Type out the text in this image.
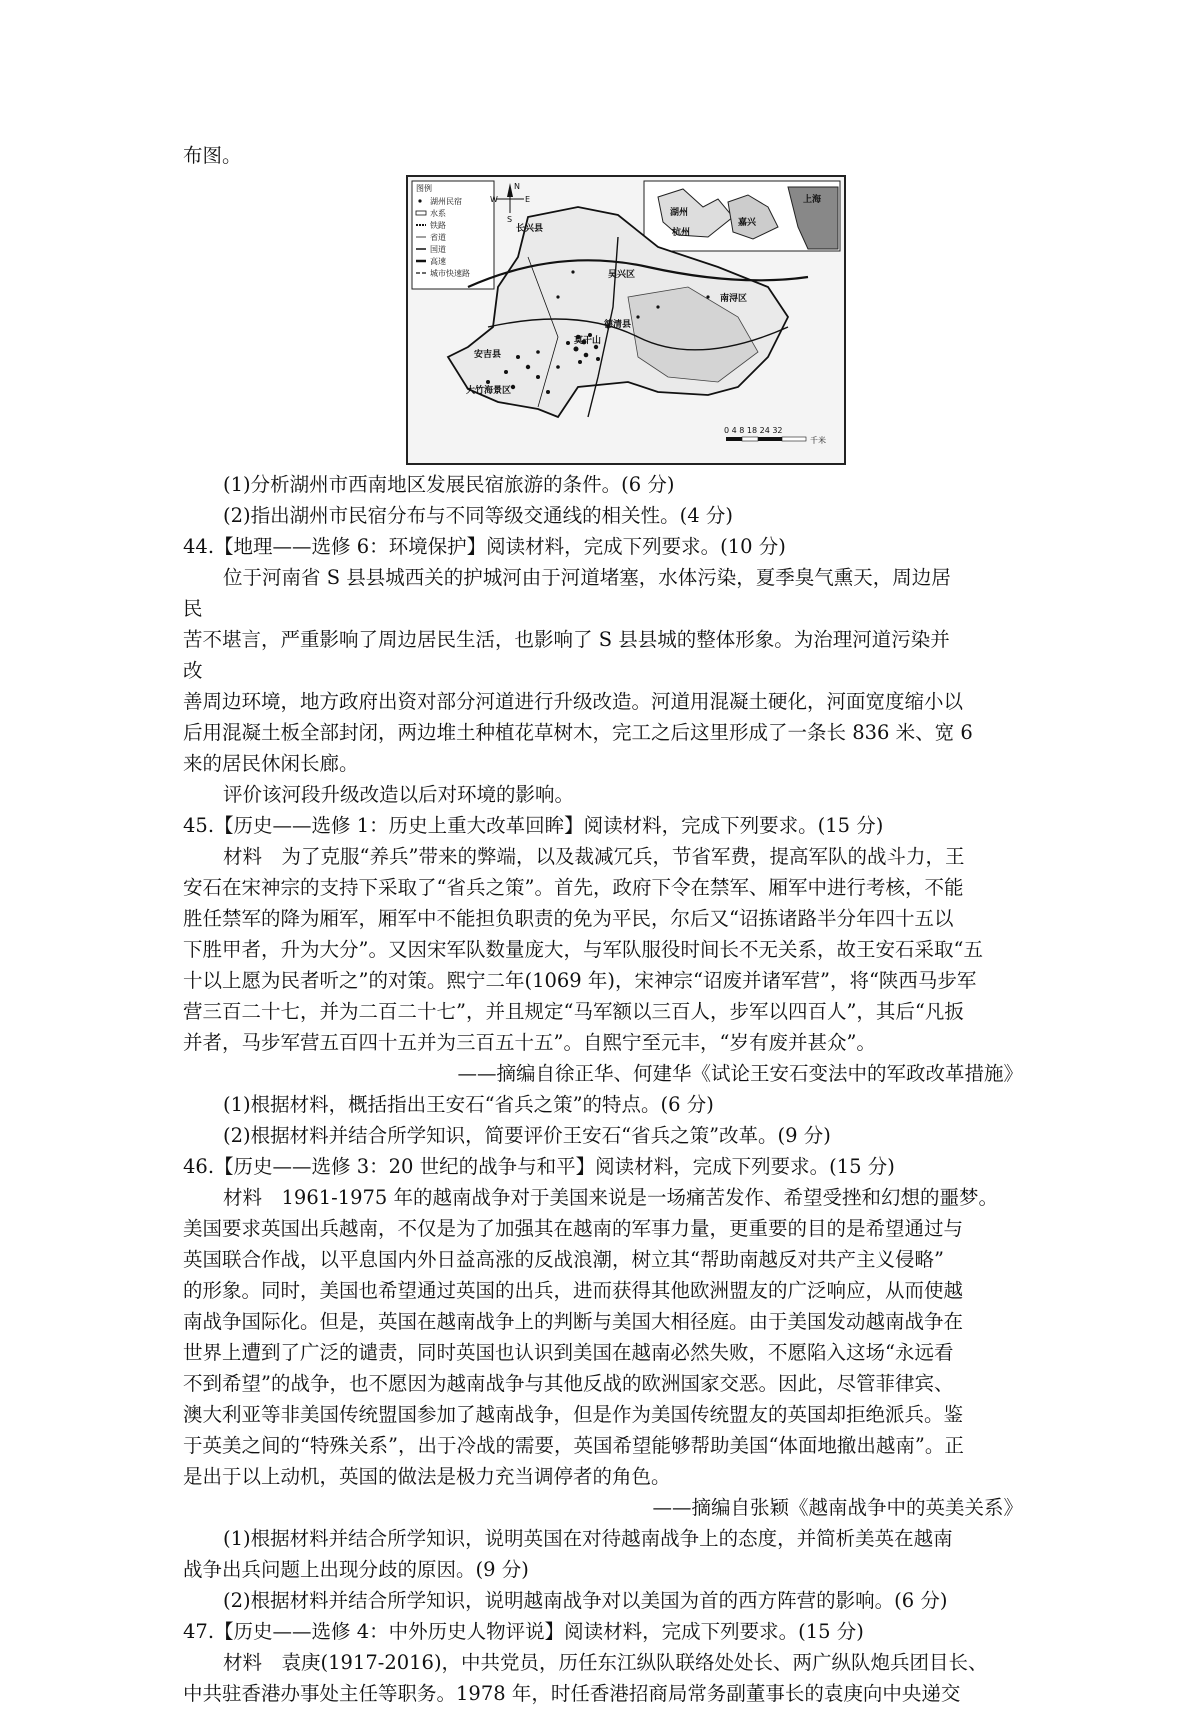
布图。
图例
湖州民宿
水系
铁路
省道
国道
高速
城市快速路
N
W	E
S
湖州
上海
杭州
嘉兴
长兴县
吴兴区
南浔区
德清县
莫干山
安吉县
大竹海景区
0 4 8 18 24 32
千米
(1)分析湖州市西南地区发展民宿旅游的条件。(6 分)
(2)指出湖州市民宿分布与不同等级交通线的相关性。(4 分)
44.【地理——选修 6：环境保护】阅读材料，完成下列要求。(10 分)
位于河南省 S 县县城西关的护城河由于河道堵塞，水体污染，夏季臭气熏天，周边居
民
苦不堪言，严重影响了周边居民生活，也影响了 S 县县城的整体形象。为治理河道污染并
改
善周边环境，地方政府出资对部分河道进行升级改造。河道用混凝土硬化，河面宽度缩小以
后用混凝土板全部封闭，两边堆土种植花草树木，完工之后这里形成了一条长 836 米、宽 6
来的居民休闲长廊。
评价该河段升级改造以后对环境的影响。
45.【历史——选修 1：历史上重大改革回眸】阅读材料，完成下列要求。(15 分)
材料　为了克服“养兵”带来的弊端，以及裁减冗兵，节省军费，提高军队的战斗力，王
安石在宋神宗的支持下采取了“省兵之策”。首先，政府下令在禁军、厢军中进行考核，不能
胜任禁军的降为厢军，厢军中不能担负职责的免为平民，尔后又“诏拣诸路半分年四十五以
下胜甲者，升为大分”。又因宋军队数量庞大，与军队服役时间长不无关系，故王安石采取“五
十以上愿为民者听之”的对策。熙宁二年(1069 年)，宋神宗“诏废并诸军营”，将“陕西马步军
营三百二十七，并为二百二十七”，并且规定“马军额以三百人，步军以四百人”，其后“凡扳
并者，马步军营五百四十五并为三百五十五”。自熙宁至元丰，“岁有废并甚众”。
——摘编自徐正华、何建华《试论王安石变法中的军政改革措施》
(1)根据材料，概括指出王安石“省兵之策”的特点。(6 分)
(2)根据材料并结合所学知识，简要评价王安石“省兵之策”改革。(9 分)
46.【历史——选修 3：20 世纪的战争与和平】阅读材料，完成下列要求。(15 分)
材料　1961-1975 年的越南战争对于美国来说是一场痛苦发作、希望受挫和幻想的噩梦。
美国要求英国出兵越南，不仅是为了加强其在越南的军事力量，更重要的目的是希望通过与
英国联合作战，以平息国内外日益高涨的反战浪潮，树立其“帮助南越反对共产主义侵略”
的形象。同时，美国也希望通过英国的出兵，进而获得其他欧洲盟友的广泛响应，从而使越
南战争国际化。但是，英国在越南战争上的判断与美国大相径庭。由于美国发动越南战争在
世界上遭到了广泛的谴责，同时英国也认识到美国在越南必然失败，不愿陷入这场“永远看
不到希望”的战争，也不愿因为越南战争与其他反战的欧洲国家交恶。因此，尽管菲律宾、
澳大利亚等非美国传统盟国参加了越南战争，但是作为美国传统盟友的英国却拒绝派兵。鉴
于英美之间的“特殊关系”，出于冷战的需要，英国希望能够帮助美国“体面地撤出越南”。正
是出于以上动机，英国的做法是极力充当调停者的角色。
——摘编自张颖《越南战争中的英美关系》
(1)根据材料并结合所学知识，说明英国在对待越南战争上的态度，并简析美英在越南
战争出兵问题上出现分歧的原因。(9 分)
(2)根据材料并结合所学知识，说明越南战争对以美国为首的西方阵营的影响。(6 分)
47.【历史——选修 4：中外历史人物评说】阅读材料，完成下列要求。(15 分)
材料　袁庚(1917-2016)，中共党员，历任东江纵队联络处处长、两广纵队炮兵团目长、
中共驻香港办事处主任等职务。1978 年，时任香港招商局常务副董事长的袁庚向中央递交
